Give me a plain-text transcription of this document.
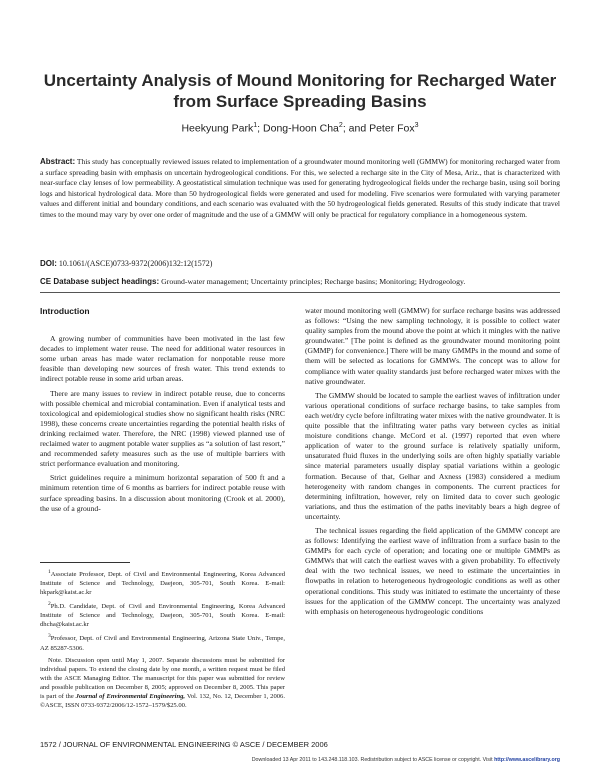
Uncertainty Analysis of Mound Monitoring for Recharged Water from Surface Spreading Basins
Heekyung Park$^1$; Dong-Hoon Cha$^2$; and Peter Fox$^3$
Abstract: This study has conceptually reviewed issues related to implementation of a groundwater mound monitoring well (GMMW) for monitoring recharged water from a surface spreading basin with emphasis on uncertain hydrogeological conditions. For this, we selected a recharge site in the City of Mesa, Ariz., that is characterized with near-surface clay lenses of low permeability. A geostatistical simulation technique was used for generating hydrogeological fields under the recharge basin, using soil boring logs and historical hydrological data. More than 50 hydrogeological fields were generated and used for modeling. Five scenarios were formulated with varying parameter values and different initial and boundary conditions, and each scenario was evaluated with the 50 hydrogeological fields generated. Results of this study indicate that travel times to the mound may vary by over one order of magnitude and the use of a GMMW will only be practical for regulatory compliance in a homogeneous system.
DOI: 10.1061/(ASCE)0733-9372(2006)132:12(1572)
CE Database subject headings: Ground-water management; Uncertainty principles; Recharge basins; Monitoring; Hydrogeology.
Introduction

A growing number of communities have been motivated in the last few decades to implement water reuse. The need for additional water resources in some urban areas has made water reclamation for nonpotable reuse more feasible than developing new sources of fresh water. This trend extends to indirect potable reuse in some arid urban areas.

There are many issues to review in indirect potable reuse, due to concerns with possible chemical and microbial contamination. Even if analytical tests and toxicological and epidemiological studies show no significant health risks (NRC 1998), these concerns create uncertainties regarding the potential health risks of drinking reclaimed water. Therefore, the NRC (1998) viewed planned use of reclaimed water to augment potable water supplies as “a solution of last resort,” and recommended safety measures such as the use of multiple barriers with strict performance evaluation and monitoring.

Strict guidelines require a minimum horizontal separation of 500 ft and a minimum retention time of 6 months as barriers for indirect potable reuse with surface spreading basins. In a discussion about monitoring (Crook et al. 2000), the use of a ground-

$^1$Associate Professor, Dept. of Civil and Environmental Engineering, Korea Advanced Institute of Science and Technology, Daejeon, 305-701, South Korea. E-mail: hkpark@kaist.ac.kr

$^2$Ph.D. Candidate, Dept. of Civil and Environmental Engineering, Korea Advanced Institute of Science and Technology, Daejeon, 305-701, South Korea. E-mail: dhcha@kaist.ac.kr

$^3$Professor, Dept. of Civil and Environmental Engineering, Arizona State Univ., Tempe, AZ 85287-5306.

Note. Discussion open until May 1, 2007. Separate discussions must be submitted for individual papers. To extend the closing date by one month, a written request must be filed with the ASCE Managing Editor. The manuscript for this paper was submitted for review and possible publication on December 8, 2005; approved on December 8, 2005. This paper is part of the Journal of Environmental Engineering, Vol. 132, No. 12, December 1, 2006. ©ASCE, ISSN 0733-9372/2006/12-1572–1579/$25.00.

water mound monitoring well (GMMW) for surface recharge basins was addressed as follows: “Using the new sampling technology, it is possible to collect water quality samples from the mound above the point at which it mingles with the native groundwater.” [The point is defined as the groundwater mound monitoring point (GMMP) for convenience.] There will be many GMMPs in the mound and some of them will be selected as locations for GMMWs. The concept was to allow for compliance with water quality standards just before recharged water mixes with the native groundwater.

The GMMW should be located to sample the earliest waves of infiltration under various operational conditions of surface recharge basins, to take samples from each wet/dry cycle before infiltrating water mixes with the native groundwater. It is quite possible that the infiltrating water paths vary between cycles as initial moisture conditions change. McCord et al. (1997) reported that even where application of water to the ground surface is relatively spatially uniform, unsaturated fluid fluxes in the underlying soils are often highly spatially variable since material parameters usually display spatial variations within a geologic formation. Because of that, Gelhar and Axness (1983) considered a medium heterogeneity with random changes in components. The current practices for determining infiltration, however, rely on limited data to cover such geologic variations, and thus the estimation of the paths inevitably bears a high degree of uncertainty.

The technical issues regarding the field application of the GMMW concept are as follows: Identifying the earliest wave of infiltration from a surface basin to the GMMPs for each cycle of operation; and locating one or multiple GMMPs as GMMWs that will catch the earliest waves with a given probability. To effectively deal with the two technical issues, we need to estimate the uncertainties in flowpaths in relation to heterogeneous hydrogeologic conditions as well as other operational conditions. This study was initiated to estimate the uncertainty of these issues for the application of the GMMW concept. The uncertainty was analyzed with emphasis on heterogeneous hydrogeologic conditions

1572 / JOURNAL OF ENVIRONMENTAL ENGINEERING © ASCE / DECEMBER 2006
Downloaded 13 Apr 2011 to 143.248.118.103. Redistribution subject to ASCE license or copyright. Visit http://www.ascelibrary.org
